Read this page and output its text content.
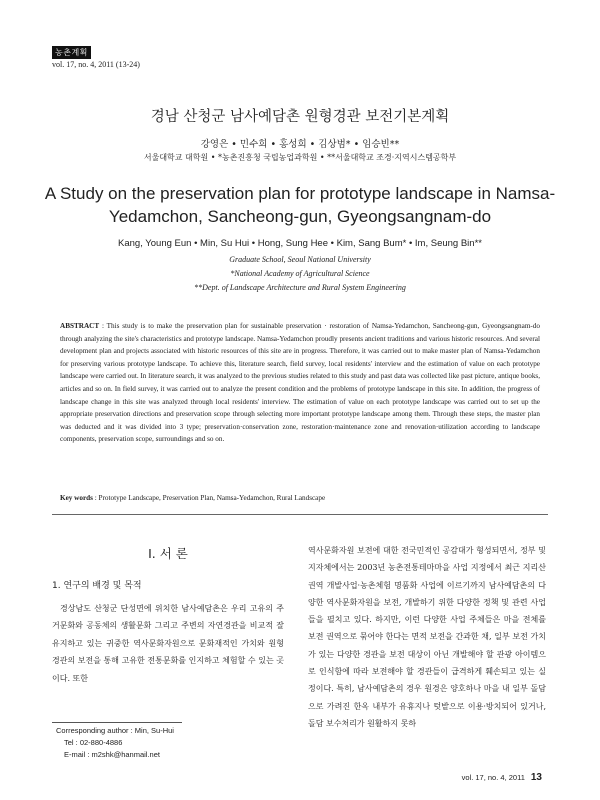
농촌계획
vol. 17, no. 4, 2011 (13-24)
경남 산청군 남사예담촌 원형경관 보전기본계획
강영은 • 민수희 • 홍성희 • 김상범* • 임승빈**
서울대학교 대학원 • *농촌진흥청 국립농업과학원 • **서울대학교 조경·지역시스템공학부
A Study on the preservation plan for prototype landscape in Namsa-Yedamchon, Sancheong-gun, Gyeongsangnam-do
Kang, Young Eun • Min, Su Hui • Hong, Sung Hee • Kim, Sang Bum* • Im, Seung Bin**
Graduate School, Seoul National University
*National Academy of Agricultural Science
**Dept. of Landscape Architecture and Rural System Engineering
ABSTRACT : This study is to make the preservation plan for sustainable preservation · restoration of Namsa-Yedamchon, Sancheong-gun, Gyeongsangnam-do through analyzing the site's characteristics and prototype landscape. Namsa-Yedamchon proudly presents ancient traditions and various historic resources. And several development plan and projects associated with historic resources of this site are in progress. Therefore, it was carried out to make master plan of Namsa-Yedamchon for preserving various prototype landscape. To achieve this, literature search, field survey, local residents' interview and the estimation of value on each prototype landscape were carried out. In literature search, it was analyzed to the previous studies related to this study and past data was collected like past picture, antique books, articles and so on. In field survey, it was carried out to analyze the present condition and the problems of prototype landscape in this site. In addition, the progress of landscape change in this site was analyzed through local residents' interview. The estimation of value on each prototype landscape was carried out to set up the appropriate preservation directions and preservation scope through selecting more important prototype landscape among them. Through these steps, the master plan was deducted and it was divided into 3 type; preservation·conservation zone, restoration·maintenance zone and renovation·utilization according to landscape components, preservation scope, surroundings and so on.
Key words : Prototype Landscape, Preservation Plan, Namsa-Yedamchon, Rural Landscape
Ⅰ. 서 론
1. 연구의 배경 및 목적
경상남도 산청군 단성면에 위치한 남사예담촌은 우리 고유의 주거문화와 공동체의 생활문화 그리고 주변의 자연경관을 비교적 잘 유지하고 있는 귀중한 역사문화자원으로 문화재적인 가치와 원형 경관의 보전을 통해 고유한 전통문화를 인지하고 체험할 수 있는 곳이다. 또한
역사문화자원 보전에 대한 전국민적인 공감대가 형성되면서, 정부 및 지자체에서는 2003년 농촌전통테마마을 사업 지정에서 최근 지리산권역 개발사업·농촌체험 명품화 사업에 이르기까지 남사예담촌의 다양한 역사문화자원을 보전, 개발하기 위한 다양한 정책 및 관련 사업들을 펼치고 있다. 하지만, 이런 다양한 사업 주체들은 마을 전체를 보전 권역으로 묶어야 한다는 면적 보전을 간과한 채, 일부 보전 가치가 있는 다양한 경관을 보전 대상이 아닌 개발해야 할 관광 아이템으로 인식함에 따라 보전해야 할 경관들이 급격하게 훼손되고 있는 실정이다. 특히, 남사예담촌의 경우 원경은 양호하나 마을 내 일부 돌담으로 가려진 한옥 내부가 유휴지나 텃밭으로 이용·방치되어 있거나, 돌담 보수처리가 원활하지 못하
Corresponding author : Min, Su-Hui
Tel : 02-880-4886
E-mail : m2shk@hanmail.net
vol. 17, no. 4, 2011 13
